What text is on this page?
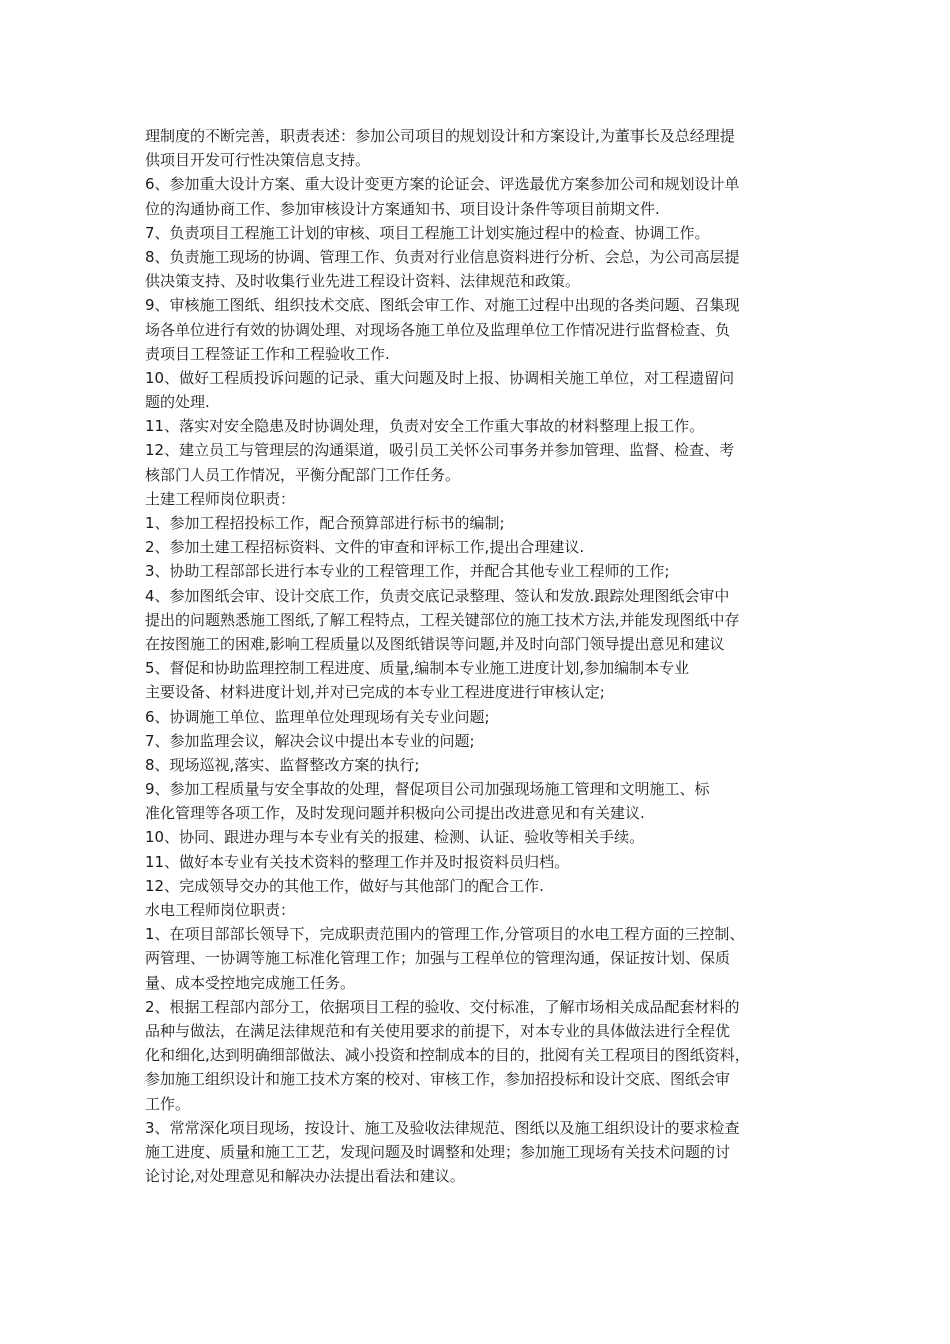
理制度的不断完善，职责表述：参加公司项目的规划设计和方案设计,为董事长及总经理提
供项目开发可行性决策信息支持。
6、参加重大设计方案、重大设计变更方案的论证会、评选最优方案参加公司和规划设计单
位的沟通协商工作、参加审核设计方案通知书、项目设计条件等项目前期文件.
7、负责项目工程施工计划的审核、项目工程施工计划实施过程中的检查、协调工作。
8、负责施工现场的协调、管理工作、负责对行业信息资料进行分析、会总，为公司高层提
供决策支持、及时收集行业先进工程设计资料、法律规范和政策。
9、审核施工图纸、组织技术交底、图纸会审工作、对施工过程中出现的各类问题、召集现
场各单位进行有效的协调处理、对现场各施工单位及监理单位工作情况进行监督检查、负
责项目工程签证工作和工程验收工作.
10、做好工程质投诉问题的记录、重大问题及时上报、协调相关施工单位，对工程遗留问
题的处理.
11、落实对安全隐患及时协调处理，负责对安全工作重大事故的材料整理上报工作。
12、建立员工与管理层的沟通渠道，吸引员工关怀公司事务并参加管理、监督、检查、考
核部门人员工作情况，平衡分配部门工作任务。
土建工程师岗位职责：
1、参加工程招投标工作，配合预算部进行标书的编制;
2、参加土建工程招标资料、文件的审查和评标工作,提出合理建议.
3、协助工程部部长进行本专业的工程管理工作，并配合其他专业工程师的工作;
4、参加图纸会审、设计交底工作，负责交底记录整理、签认和发放.跟踪处理图纸会审中
提出的问题熟悉施工图纸,了解工程特点，工程关键部位的施工技术方法,并能发现图纸中存
在按图施工的困难,影响工程质量以及图纸错误等问题,并及时向部门领导提出意见和建议
5、督促和协助监理控制工程进度、质量,编制本专业施工进度计划,参加编制本专业
主要设备、材料进度计划,并对已完成的本专业工程进度进行审核认定;
6、协调施工单位、监理单位处理现场有关专业问题;
7、参加监理会议，解决会议中提出本专业的问题;
8、现场巡视,落实、监督整改方案的执行;
9、参加工程质量与安全事故的处理，督促项目公司加强现场施工管理和文明施工、标
准化管理等各项工作，及时发现问题并积极向公司提出改进意见和有关建议.
10、协同、跟进办理与本专业有关的报建、检测、认证、验收等相关手续。
11、做好本专业有关技术资料的整理工作并及时报资料员归档。
12、完成领导交办的其他工作，做好与其他部门的配合工作.
水电工程师岗位职责：
1、在项目部部长领导下，完成职责范围内的管理工作,分管项目的水电工程方面的三控制、
两管理、一协调等施工标准化管理工作；加强与工程单位的管理沟通，保证按计划、保质
量、成本受控地完成施工任务。
2、根据工程部内部分工，依据项目工程的验收、交付标准，了解市场相关成品配套材料的
品种与做法，在满足法律规范和有关使用要求的前提下，对本专业的具体做法进行全程优
化和细化,达到明确细部做法、减小投资和控制成本的目的，批阅有关工程项目的图纸资料，
参加施工组织设计和施工技术方案的校对、审核工作，参加招投标和设计交底、图纸会审
工作。
3、常常深化项目现场，按设计、施工及验收法律规范、图纸以及施工组织设计的要求检查
施工进度、质量和施工工艺，发现问题及时调整和处理；参加施工现场有关技术问题的讨
论讨论,对处理意见和解决办法提出看法和建议。
